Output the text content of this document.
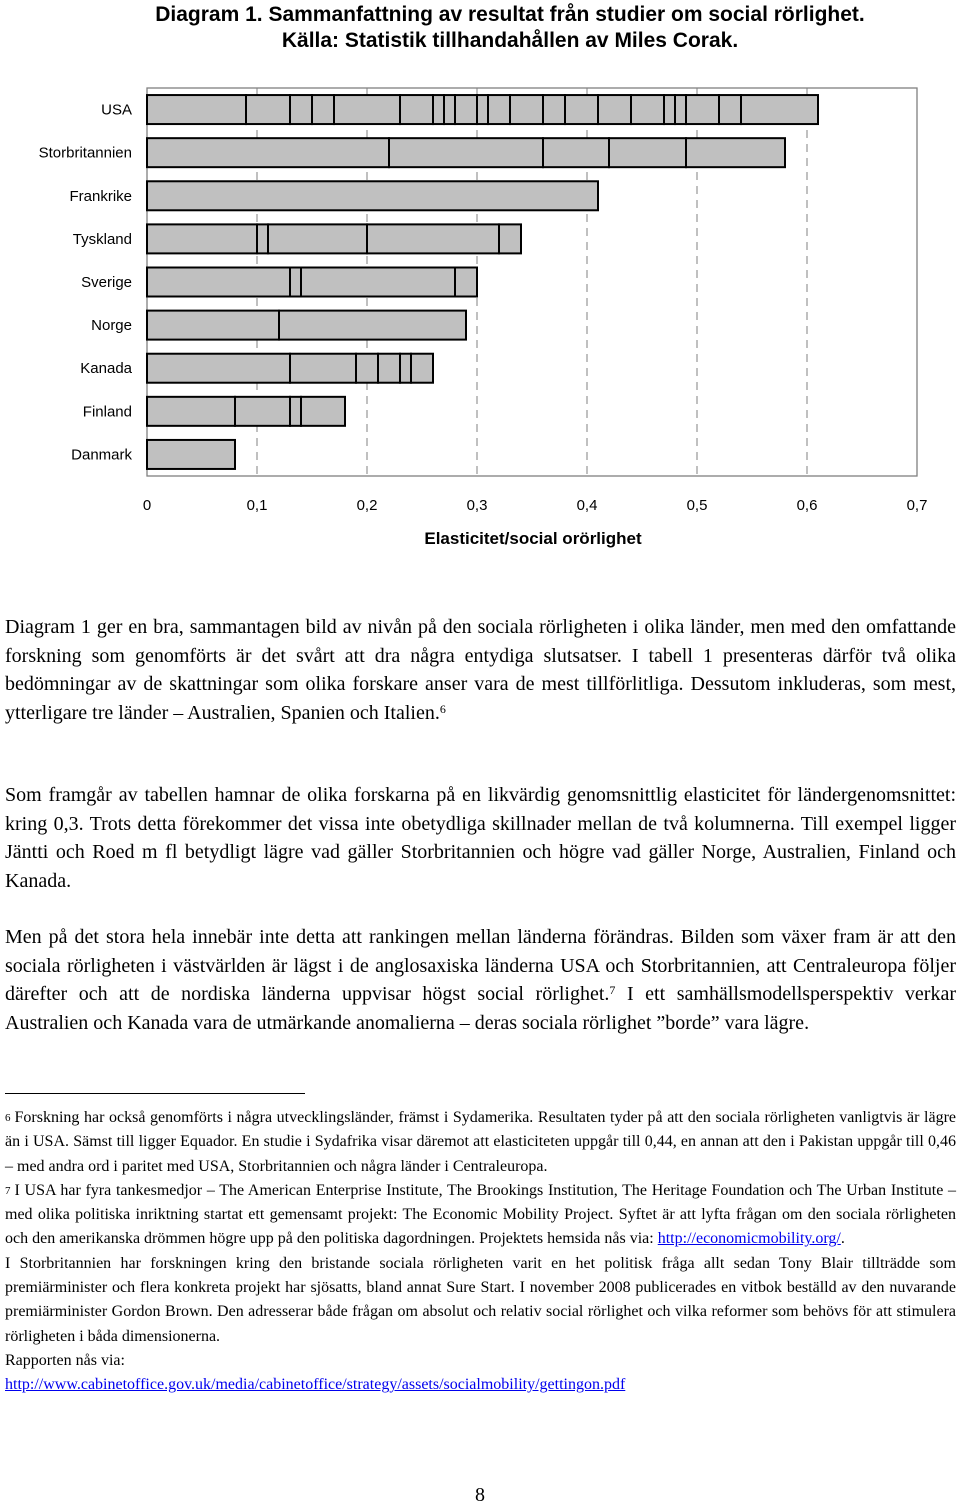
Diagram 1. Sammanfattning av resultat från studier om social rörlighet. Källa: Statistik tillhandahållen av Miles Corak.
USA
Storbritannien
Frankrike
Tyskland
Sverige
Norge
Kanada
Finland
Danmark
0	0,1	0,2	0,3	0,4	0,5	0,6	0,7
Elasticitet/social orörlighet

Diagram 1 ger en bra, sammantagen bild av nivån på den sociala rörligheten i olika länder, men med den omfattande forskning som genomförts är det svårt att dra några entydiga slutsatser. I tabell 1 presenteras därför två olika bedömningar av de skattningar som olika forskare anser vara de mest tillförlitliga. Dessutom inkluderas, som mest, ytterligare tre länder – Australien, Spanien och Italien.$^6$

Som framgår av tabellen hamnar de olika forskarna på en likvärdig genomsnittlig elasticitet för ländergenomsnittet: kring 0,3. Trots detta förekommer det vissa inte obetydliga skillnader mellan de två kolumnerna. Till exempel ligger Jäntti och Roed m fl betydligt lägre vad gäller Storbritannien och högre vad gäller Norge, Australien, Finland och Kanada.

Men på det stora hela innebär inte detta att rankingen mellan länderna förändras. Bilden som växer fram är att den sociala rörligheten i västvärlden är lägst i de anglosaxiska länderna USA och Storbritannien, att Centraleuropa följer därefter och att de nordiska länderna uppvisar högst social rörlighet.$^7$ I ett samhällsmodellsperspektiv verkar Australien och Kanada vara de utmärkande anomalierna – deras sociala rörlighet ”borde” vara lägre.

$^6$ Forskning har också genomförts i några utvecklingsländer, främst i Sydamerika. Resultaten tyder på att den sociala rörligheten vanligtvis är lägre än i USA. Sämst till ligger Equador. En studie i Sydafrika visar däremot att elasticiteten uppgår till 0,44, en annan att den i Pakistan uppgår till 0,46 – med andra ord i paritet med USA, Storbritannien och några länder i Centraleuropa.

$^7$ I USA har fyra tankesmedjor – The American Enterprise Institute, The Brookings Institution, The Heritage Foundation och The Urban Institute – med olika politiska inriktning startat ett gemensamt projekt: The Economic Mobility Project. Syftet är att lyfta frågan om den sociala rörligheten och den amerikanska drömmen högre upp på den politiska dagordningen. Projektets hemsida nås via: http://economicmobility.org/.

I Storbritannien har forskningen kring den bristande sociala rörligheten varit en het politisk fråga allt sedan Tony Blair tillträdde som premiärminister och flera konkreta projekt har sjösatts, bland annat Sure Start. I november 2008 publicerades en vitbok beställd av den nuvarande premiärminister Gordon Brown. Den adresserar både frågan om absolut och relativ social rörlighet och vilka reformer som behövs för att stimulera rörligheten i båda dimensionerna.

Rapporten nås via:

http://www.cabinetoffice.gov.uk/media/cabinetoffice/strategy/assets/socialmobility/gettingon.pdf

8
